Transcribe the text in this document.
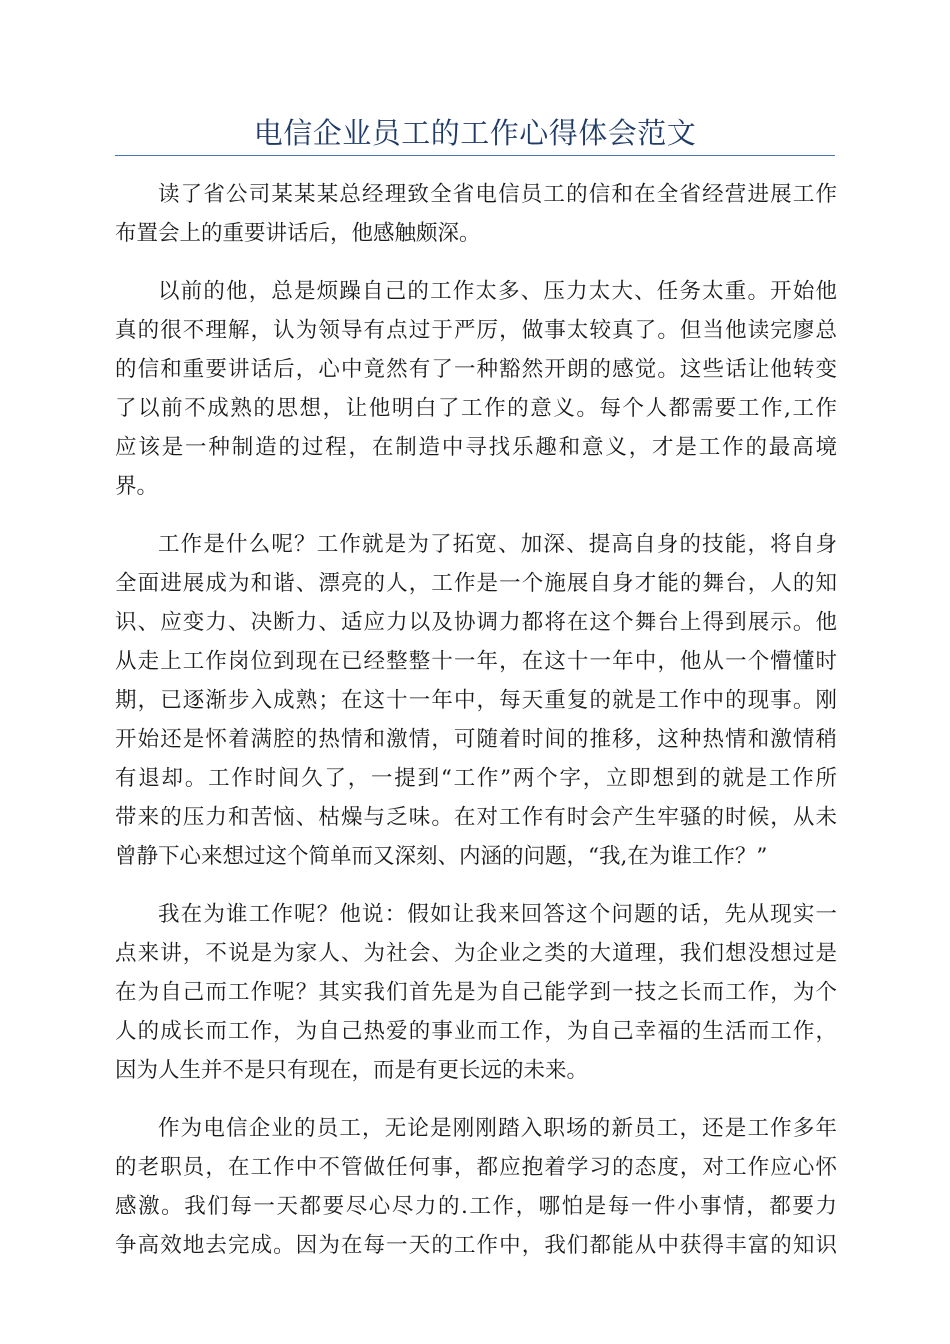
电信企业员工的工作心得体会范文
读了省公司某某某总经理致全省电信员工的信和在全省经营进展工作
布置会上的重要讲话后，他感触颇深。
以前的他，总是烦躁自己的工作太多、压力太大、任务太重。开始他
真的很不理解，认为领导有点过于严厉，做事太较真了。但当他读完廖总
的信和重要讲话后，心中竟然有了一种豁然开朗的感觉。这些话让他转变
了以前不成熟的思想，让他明白了工作的意义。每个人都需要工作,工作
应该是一种制造的过程，在制造中寻找乐趣和意义，才是工作的最高境
界。
工作是什么呢？工作就是为了拓宽、加深、提高自身的技能，将自身
全面进展成为和谐、漂亮的人，工作是一个施展自身才能的舞台，人的知
识、应变力、决断力、适应力以及协调力都将在这个舞台上得到展示。他
从走上工作岗位到现在已经整整十一年，在这十一年中，他从一个懵懂时
期，已逐渐步入成熟；在这十一年中，每天重复的就是工作中的现事。刚
开始还是怀着满腔的热情和激情，可随着时间的推移，这种热情和激情稍
有退却。工作时间久了，一提到“工作”两个字，立即想到的就是工作所
带来的压力和苦恼、枯燥与乏味。在对工作有时会产生牢骚的时候，从未
曾静下心来想过这个简单而又深刻、内涵的问题，“我,在为谁工作？”
我在为谁工作呢？他说：假如让我来回答这个问题的话，先从现实一
点来讲，不说是为家人、为社会、为企业之类的大道理，我们想没想过是
在为自己而工作呢？其实我们首先是为自己能学到一技之长而工作，为个
人的成长而工作，为自己热爱的事业而工作，为自己幸福的生活而工作，
因为人生并不是只有现在，而是有更长远的未来。
作为电信企业的员工，无论是刚刚踏入职场的新员工，还是工作多年
的老职员，在工作中不管做任何事，都应抱着学习的态度，对工作应心怀
感激。我们每一天都要尽心尽力的.工作，哪怕是每一件小事情，都要力
争高效地去完成。因为在每一天的工作中，我们都能从中获得丰富的知识
